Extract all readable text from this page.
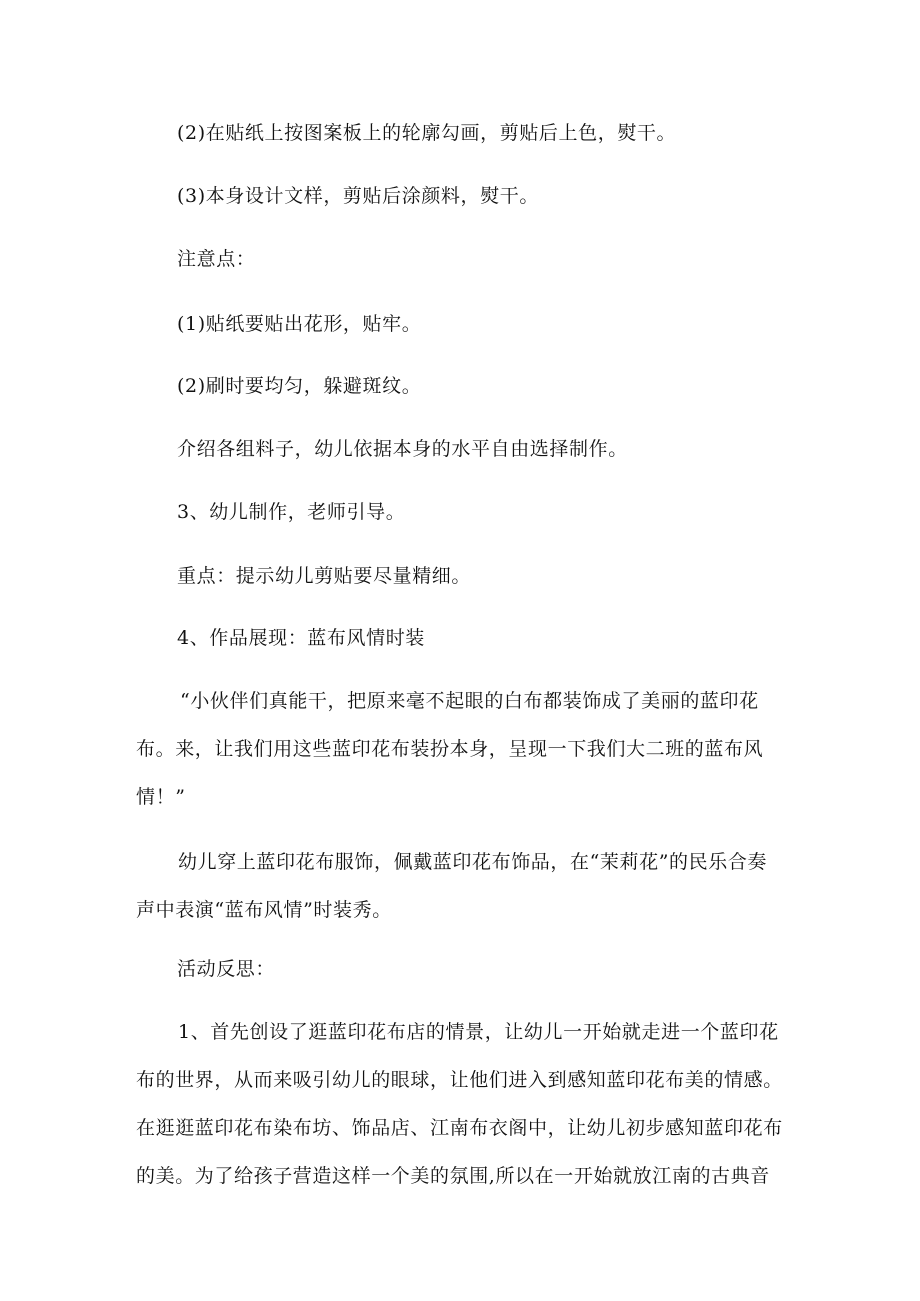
(2)在贴纸上按图案板上的轮廓勾画，剪贴后上色，熨干。
(3)本身设计文样，剪贴后涂颜料，熨干。
注意点：
(1)贴纸要贴出花形，贴牢。
(2)刷时要均匀，躲避斑纹。
介绍各组料子，幼儿依据本身的水平自由选择制作。
3、幼儿制作，老师引导。
重点：提示幼儿剪贴要尽量精细。
4、作品展现：蓝布风情时装
“小伙伴们真能干，把原来毫不起眼的白布都装饰成了美丽的蓝印花
布。来，让我们用这些蓝印花布装扮本身，呈现一下我们大二班的蓝布风
情！”
幼儿穿上蓝印花布服饰，佩戴蓝印花布饰品，在“茉莉花”的民乐合奏
声中表演“蓝布风情”时装秀。
活动反思：
1、首先创设了逛蓝印花布店的情景，让幼儿一开始就走进一个蓝印花
布的世界，从而来吸引幼儿的眼球，让他们进入到感知蓝印花布美的情感。
在逛逛蓝印花布染布坊、饰品店、江南布衣阁中，让幼儿初步感知蓝印花布
的美。为了给孩子营造这样一个美的氛围,所以在一开始就放江南的古典音
